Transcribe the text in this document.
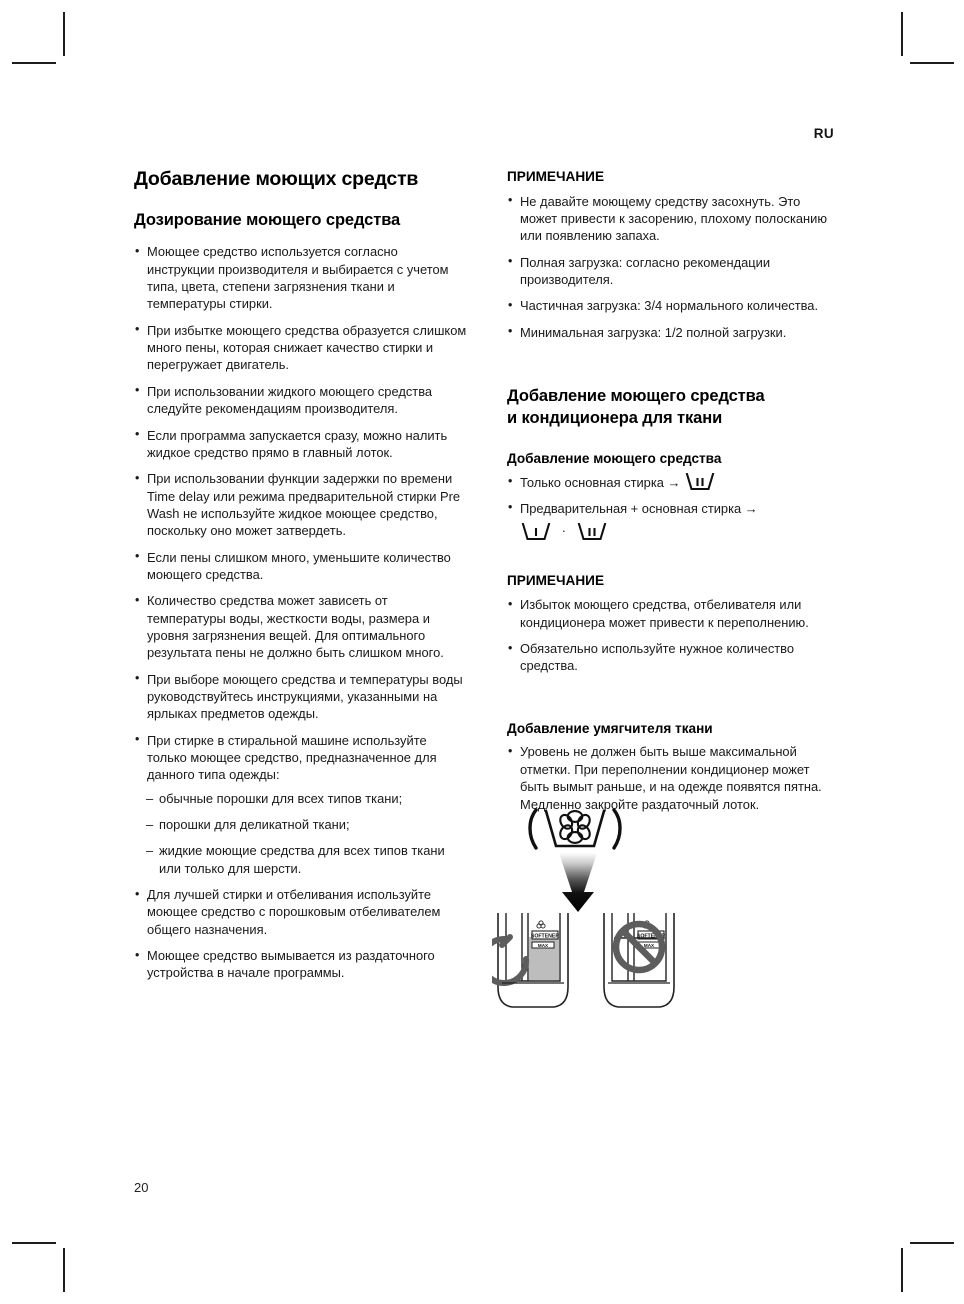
RU
20
Добавление моющих средств
Дозирование моющего средства
• Моющее средство используется согласно инструкции производителя и выбирается с учетом типа, цвета, степени загрязнения ткани и температуры стирки.
• При избытке моющего средства образуется слишком много пены, которая снижает качество стирки и перегружает двигатель.
• При использовании жидкого моющего средства следуйте рекомендациям производителя.
• Если программа запускается сразу, можно налить жидкое средство прямо в главный лоток.
• При использовании функции задержки по времени Time delay или режима предварительной стирки Pre Wash не используйте жидкое моющее средство, поскольку оно может затвердеть.
• Если пены слишком много, уменьшите количество моющего средства.
• Количество средства может зависеть от температуры воды, жесткости воды, размера и уровня загрязнения вещей. Для оптимального результата пены не должно быть слишком много.
• При выборе моющего средства и температуры воды руководствуйтесь инструкциями, указанными на ярлыках предметов одежды.
• При стирке в стиральной машине используйте только моющее средство, предназначенное для данного типа одежды:
– обычные порошки для всех типов ткани;
– порошки для деликатной ткани;
– жидкие моющие средства для всех типов ткани или только для шерсти.
• Для лучшей стирки и отбеливания используйте моющее средство с порошковым отбеливателем общего назначения.
• Моющее средство вымывается из раздаточного устройства в начале программы.
ПРИМЕЧАНИЕ
• Не давайте моющему средству засохнуть. Это может привести к засорению, плохому полосканию или появлению запаха.
• Полная загрузка: согласно рекомендации производителя.
• Частичная загрузка: 3/4 нормального количества.
• Минимальная загрузка: 1/2 полной загрузки.
Добавление моющего средства
и кондиционера для ткани
Добавление моющего средства
• Только основная стирка →
• Предварительная + основная стирка →
·
ПРИМЕЧАНИЕ
• Избыток моющего средства, отбеливателя или кондиционера может привести к переполнению.
• Обязательно используйте нужное количество средства.
Добавление умягчителя ткани
• Уровень не должен быть выше максимальной отметки. При переполнении кондиционер может быть вымыт раньше, и на одежде появятся пятна. Медленно закройте раздаточный лоток.
SOFTENER
MAX
SOFTENER
MAX
